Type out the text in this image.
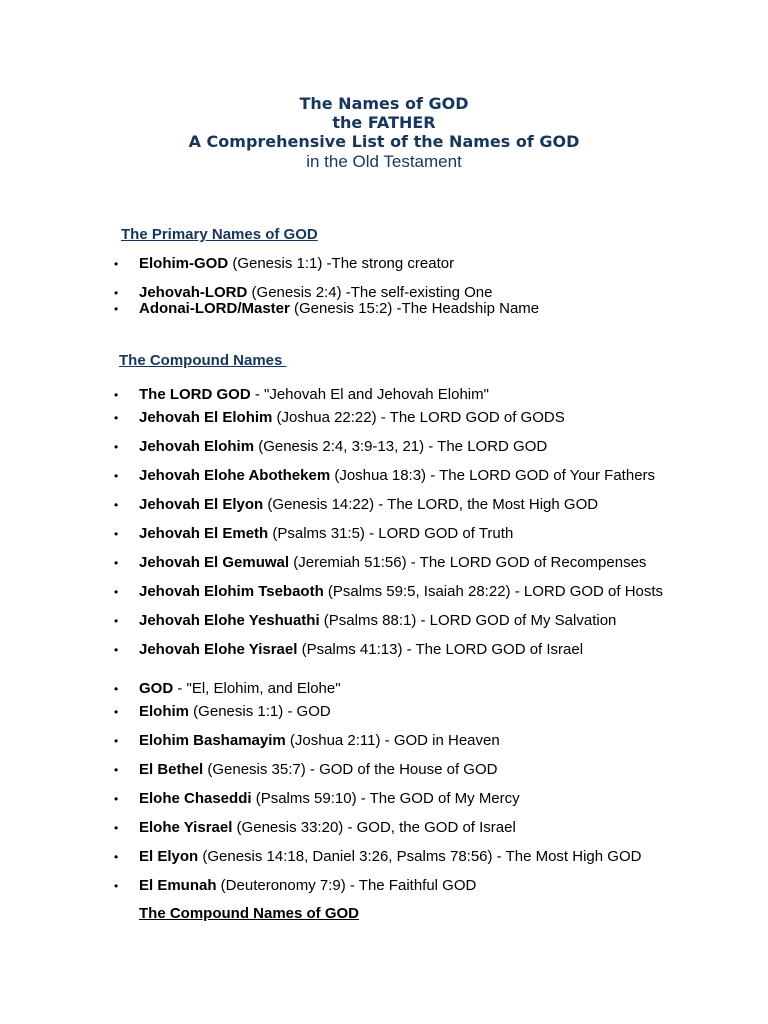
The Names of GOD

the FATHER

A Comprehensive List of the Names of GOD

in the Old Testament

The Primary Names of GOD

• Elohim-GOD (Genesis 1:1) -The strong creator
• Jehovah-LORD (Genesis 2:4) -The self-existing One
• Adonai-LORD/Master (Genesis 15:2) -The Headship Name

The Compound Names

• The LORD GOD - "Jehovah El and Jehovah Elohim"
• Jehovah El Elohim (Joshua 22:22) - The LORD GOD of GODS
• Jehovah Elohim (Genesis 2:4, 3:9-13, 21) - The LORD GOD
• Jehovah Elohe Abothekem (Joshua 18:3) - The LORD GOD of Your Fathers
• Jehovah El Elyon (Genesis 14:22) - The LORD, the Most High GOD
• Jehovah El Emeth (Psalms 31:5) - LORD GOD of Truth
• Jehovah El Gemuwal (Jeremiah 51:56) - The LORD GOD of Recompenses
• Jehovah Elohim Tsebaoth (Psalms 59:5, Isaiah 28:22) - LORD GOD of Hosts
• Jehovah Elohe Yeshuathi (Psalms 88:1) - LORD GOD of My Salvation
• Jehovah Elohe Yisrael (Psalms 41:13) - The LORD GOD of Israel
• GOD - "El, Elohim, and Elohe"
• Elohim (Genesis 1:1) - GOD
• Elohim Bashamayim (Joshua 2:11) - GOD in Heaven
• El Bethel (Genesis 35:7) - GOD of the House of GOD
• Elohe Chaseddi (Psalms 59:10) - The GOD of My Mercy
• Elohe Yisrael (Genesis 33:20) - GOD, the GOD of Israel
• El Elyon (Genesis 14:18, Daniel 3:26, Psalms 78:56) - The Most High GOD
• El Emunah (Deuteronomy 7:9) - The Faithful GOD

The Compound Names of GOD
